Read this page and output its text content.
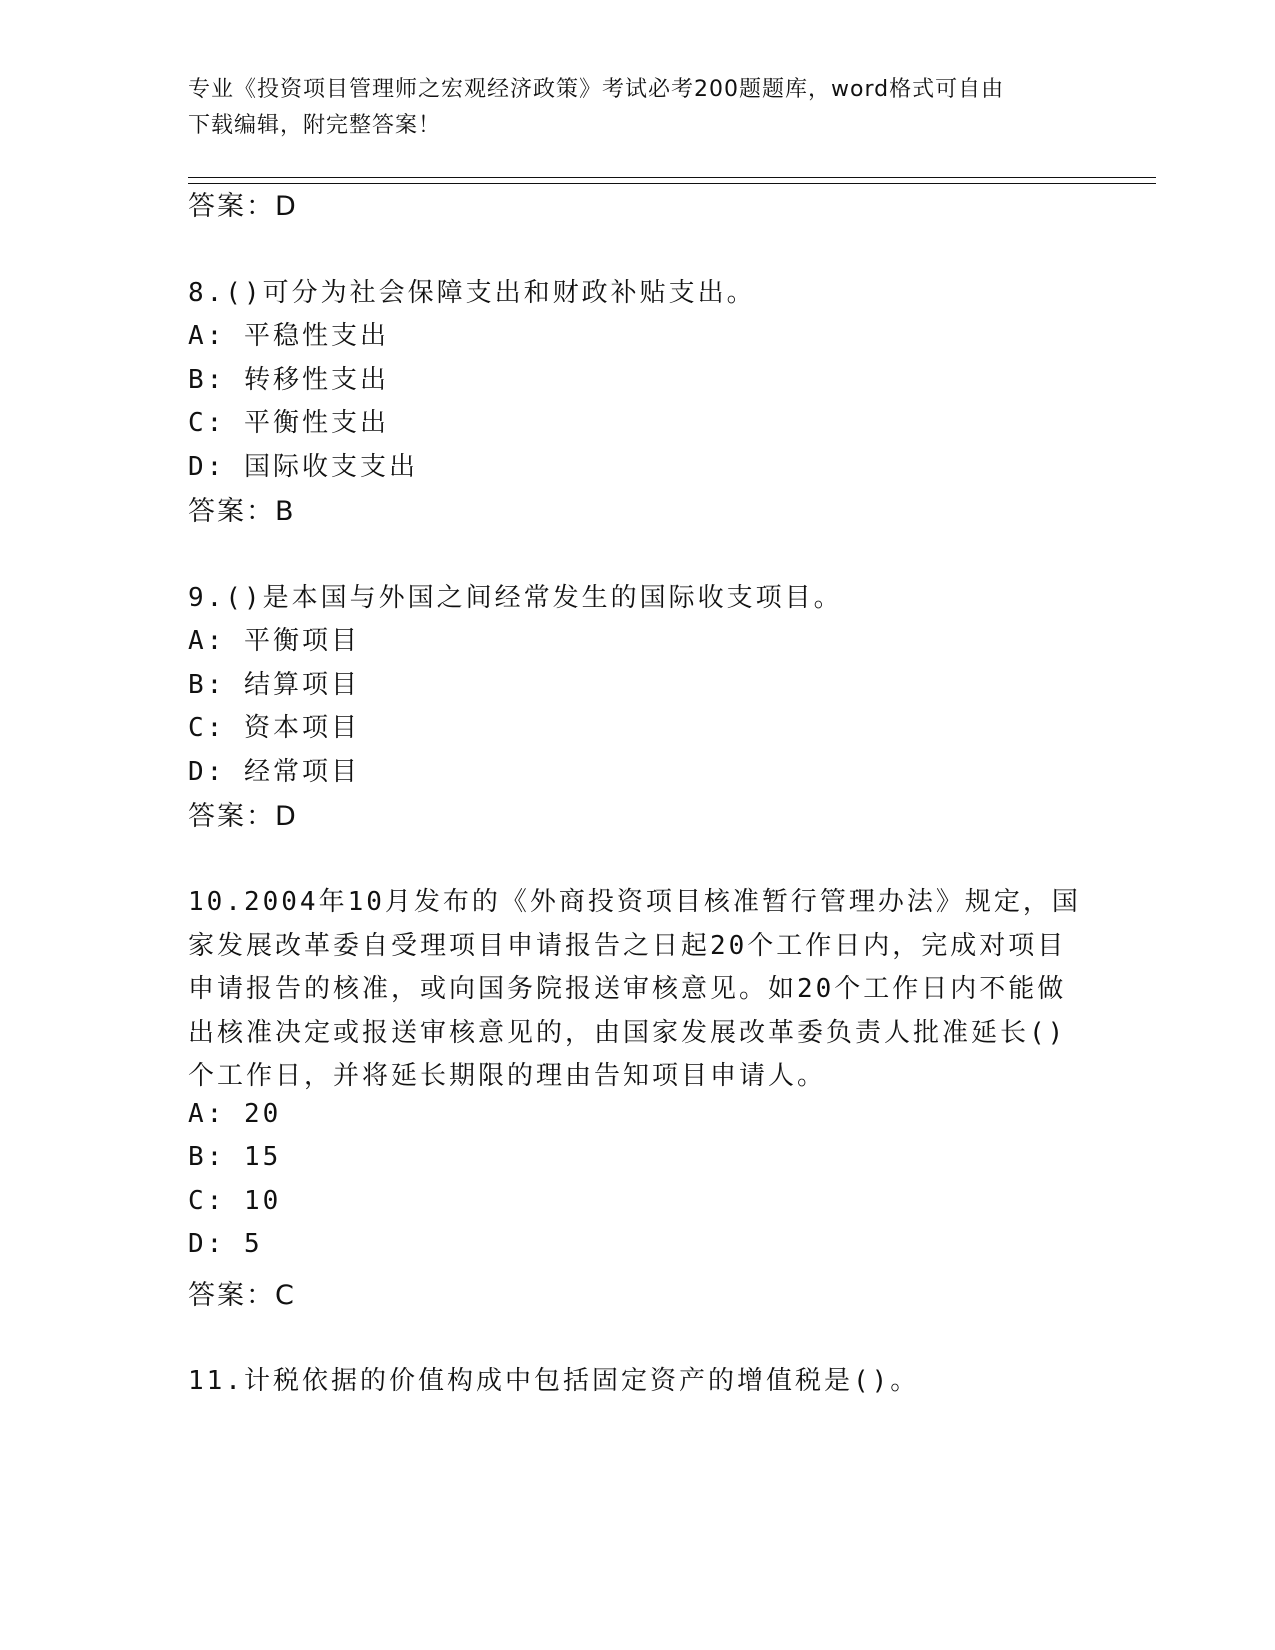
专业《投资项目管理师之宏观经济政策》考试必考200题题库，word格式可自由
下载编辑，附完整答案！
答案：D
8.()可分为社会保障支出和财政补贴支出。
A: 平稳性支出
B: 转移性支出
C: 平衡性支出
D: 国际收支支出
答案：B
9.()是本国与外国之间经常发生的国际收支项目。
A: 平衡项目
B: 结算项目
C: 资本项目
D: 经常项目
答案：D
10.2004年10月发布的《外商投资项目核准暂行管理办法》规定，国
家发展改革委自受理项目申请报告之日起20个工作日内，完成对项目
申请报告的核准，或向国务院报送审核意见。如20个工作日内不能做
出核准决定或报送审核意见的，由国家发展改革委负责人批准延长()
个工作日，并将延长期限的理由告知项目申请人。
A: 20
B: 15
C: 10
D: 5
答案：C
11.计税依据的价值构成中包括固定资产的增值税是()。
